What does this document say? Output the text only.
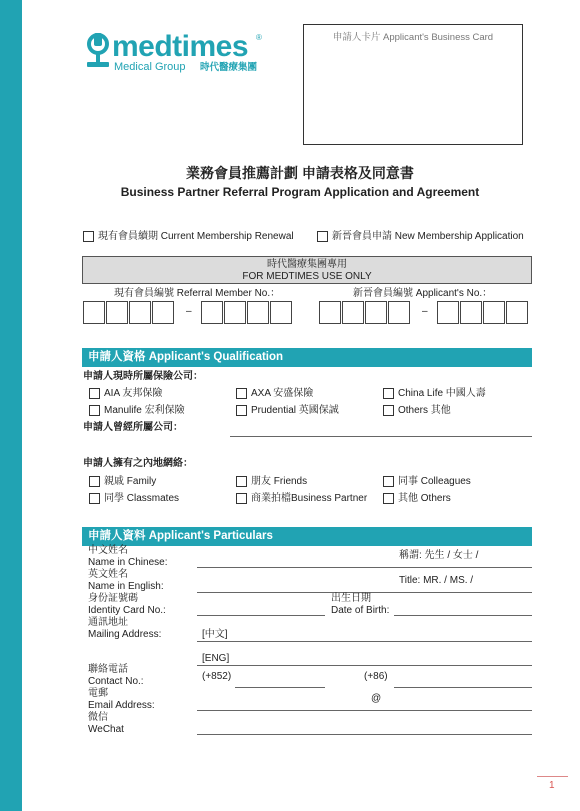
medtimes ®
Medical Group 時代醫療集團
申請人卡片 Applicant's Business Card
業務會員推薦計劃 申請表格及同意書
Business Partner Referral Program Application and Agreement
現有會員續期 Current Membership Renewal	新晉會員申請 New Membership Application
時代醫療集團專用
FOR MEDTIMES USE ONLY
現有會員編號 Referral Member No.：	新晉會員編號 Applicant's No.：
–	–
申請人資格 Applicant's Qualification
申請人現時所屬保險公司：
AIA 友邦保險	AXA 安盛保險	China Life 中國人壽
Manulife 宏利保險	Prudential 英國保誠	Others 其他
申請人曾經所屬公司：
申請人擁有之內地網絡：
親戚 Family	朋友 Friends	同事 Colleagues
同學 Classmates	商業拍檔Business Partner	其他 Others
申請人資料 Applicant's Particulars
中文姓名
Name in Chinese:
稱謂: 先生 / 女士 /
英文姓名
Name in English:
Title: MR. / MS. /
身份証號碼
Identity Card No.:
出生日期
Date of Birth:
通訊地址
Mailing Address:	[中文]
[ENG]
聯絡電話
Contact No.:	(+852)	(+86)
電郵
Email Address:
@
微信
WeChat
1
